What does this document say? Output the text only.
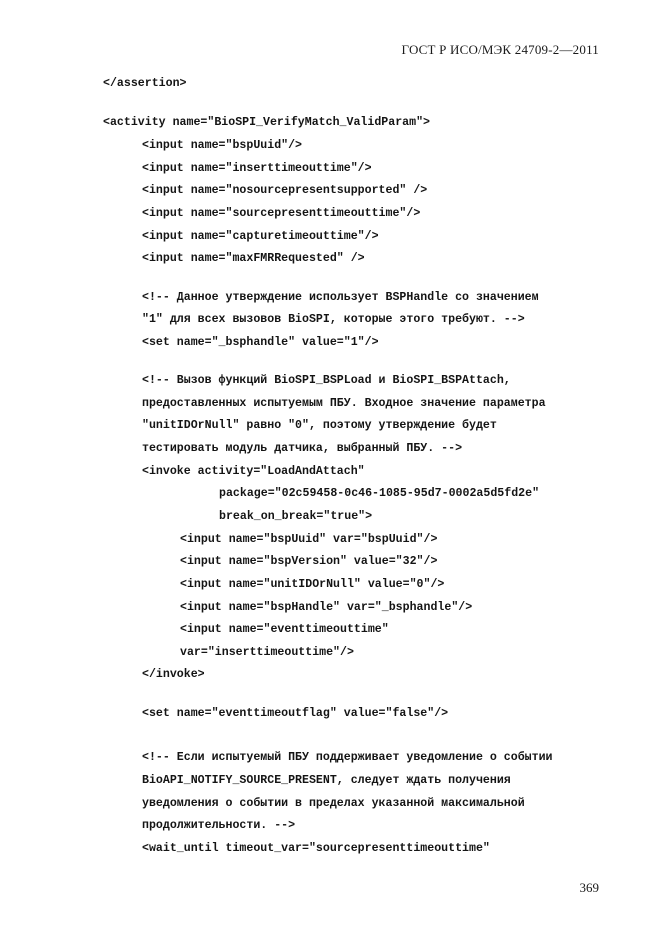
ГОСТ Р ИСО/МЭК 24709-2—2011
</assertion>
<activity name="BioSPI_VerifyMatch_ValidParam">
<input name="bspUuid"/>
<input name="inserttimeouttime"/>
<input name="nosourcepresentsupported" />
<input name="sourcepresenttimeouttime"/>
<input name="capturetimeouttime"/>
<input name="maxFMRRequested" />
<!-- Данное утверждение использует BSPHandle со значением
"1" для всех вызовов BioSPI, которые этого требуют. -->
<set name="_bsphandle" value="1"/>
<!-- Вызов функций BioSPI_BSPLoad и BioSPI_BSPAttach,
предоставленных испытуемым ПБУ. Входное значение параметра
"unitIDOrNull" равно "0", поэтому утверждение будет
тестировать модуль датчика, выбранный ПБУ. -->
<invoke activity="LoadAndAttach"
package="02c59458-0c46-1085-95d7-0002a5d5fd2e"
break_on_break="true">
<input name="bspUuid" var="bspUuid"/>
<input name="bspVersion" value="32"/>
<input name="unitIDOrNull" value="0"/>
<input name="bspHandle" var="_bsphandle"/>
<input name="eventtimeouttime"
var="inserttimeouttime"/>
</invoke>
<set name="eventtimeoutflag" value="false"/>
<!-- Если испытуемый ПБУ поддерживает уведомление о событии
BioAPI_NOTIFY_SOURCE_PRESENT, следует ждать получения
уведомления о событии в пределах указанной максимальной
продолжительности. -->
<wait_until timeout_var="sourcepresenttimeouttime"
369
